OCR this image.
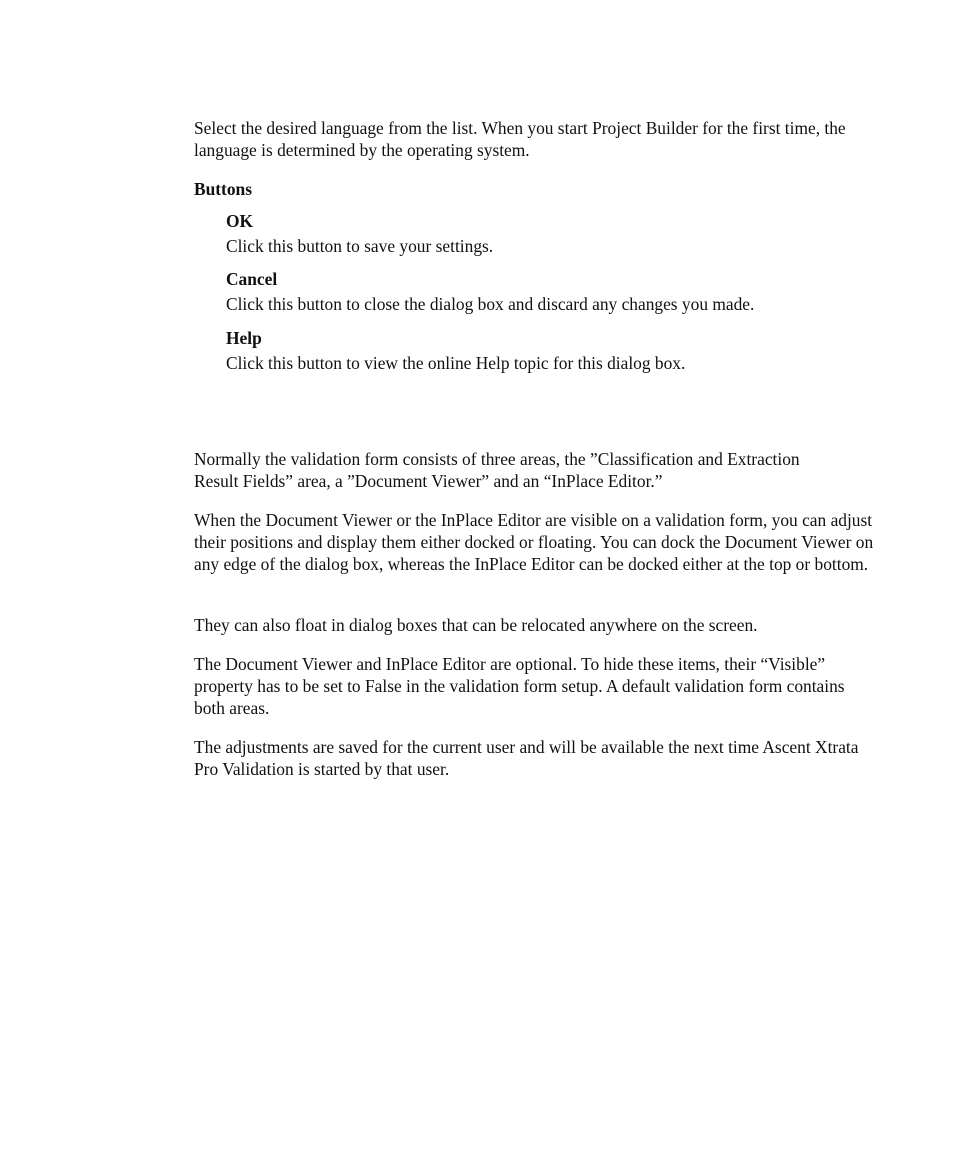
Select the desired language from the list. When you start Project Builder for the first time, the language is determined by the operating system.

Buttons

OK

Click this button to save your settings.

Cancel

Click this button to close the dialog box and discard any changes you made.

Help

Click this button to view the online Help topic for this dialog box.

Normally the validation form consists of three areas, the ”Classification and Extraction Result Fields” area, a ”Document Viewer” and an “InPlace Editor.”

When the Document Viewer or the InPlace Editor are visible on a validation form, you can adjust their positions and display them either docked or floating. You can dock the Document Viewer on any edge of the dialog box, whereas the InPlace Editor can be docked either at the top or bottom.

They can also float in dialog boxes that can be relocated anywhere on the screen.

The Document Viewer and InPlace Editor are optional. To hide these items, their “Visible” property has to be set to False in the validation form setup. A default validation form contains both areas.

The adjustments are saved for the current user and will be available the next time Ascent Xtrata Pro Validation is started by that user.
